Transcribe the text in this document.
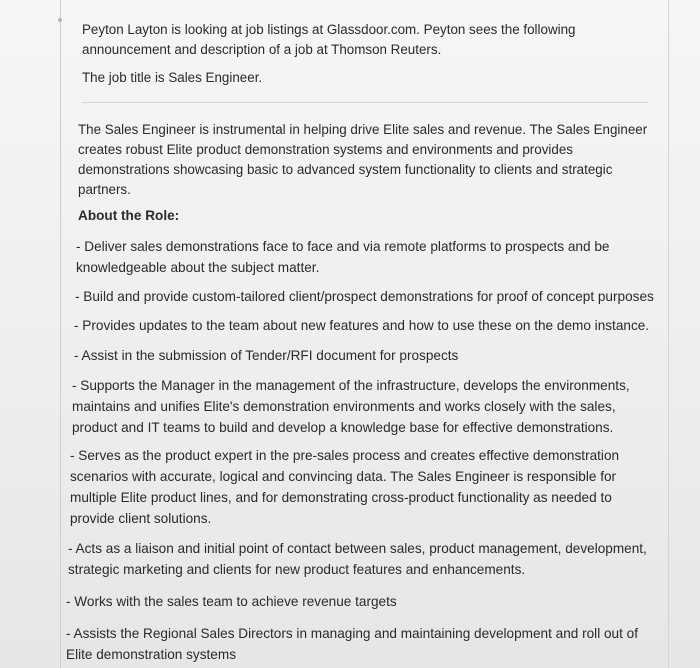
Peyton Layton is looking at job listings at Glassdoor.com. Peyton sees the following announcement and description of a job at Thomson Reuters.

The job title is Sales Engineer.

The Sales Engineer is instrumental in helping drive Elite sales and revenue. The Sales Engineer creates robust Elite product demonstration systems and environments and provides demonstrations showcasing basic to advanced system functionality to clients and strategic partners.

About the Role:

- Deliver sales demonstrations face to face and via remote platforms to prospects and be knowledgeable about the subject matter.

- Build and provide custom-tailored client/prospect demonstrations for proof of concept purposes

- Provides updates to the team about new features and how to use these on the demo instance.

- Assist in the submission of Tender/RFI document for prospects

- Supports the Manager in the management of the infrastructure, develops the environments, maintains and unifies Elite's demonstration environments and works closely with the sales, product and IT teams to build and develop a knowledge base for effective demonstrations.

- Serves as the product expert in the pre-sales process and creates effective demonstration scenarios with accurate, logical and convincing data. The Sales Engineer is responsible for multiple Elite product lines, and for demonstrating cross-product functionality as needed to provide client solutions.

- Acts as a liaison and initial point of contact between sales, product management, development, strategic marketing and clients for new product features and enhancements.

- Works with the sales team to achieve revenue targets

- Assists the Regional Sales Directors in managing and maintaining development and roll out of Elite demonstration systems
